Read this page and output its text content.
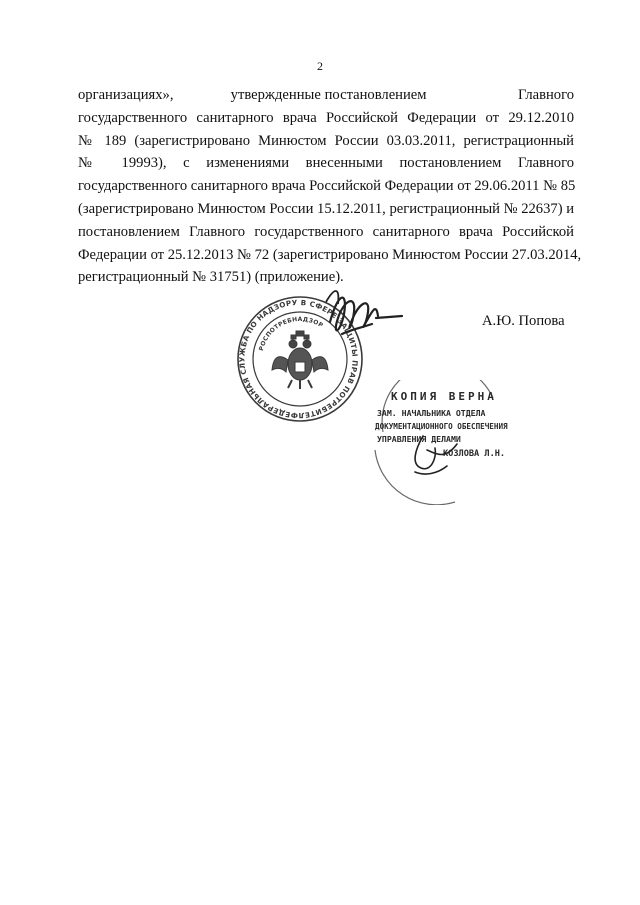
2
организациях»,               утвержденные постановлением                        Главного
государственного санитарного врача Российской Федерации от 29.12.2010
№ 189 (зарегистрировано Минюстом России 03.03.2011, регистрационный
№ 19993), с изменениями внесенными постановлением Главного
государственного санитарного врача Российской Федерации от 29.06.2011 № 85
(зарегистрировано Минюстом России 15.12.2011, регистрационный № 22637) и
постановлением Главного государственного санитарного врача Российской
Федерации от 25.12.2013 № 72 (зарегистрировано Минюстом России 27.03.2014,
регистрационный № 31751) (приложение).
ФЕДЕРАЛЬНАЯ СЛУЖБА ПО НАДЗОРУ В СФЕРЕ ЗАЩИТЫ ПРАВ ПОТРЕБИТЕЛ
РОСПОТРЕБНАДЗОР	А.Ю. Попова
КОПИЯ ВЕРНА
ЗАМ. НАЧАЛЬНИКА ОТДЕЛА
ДОКУМЕНТАЦИОННОГО ОБЕСПЕЧЕНИЯ
УПРАВЛЕНИЯ ДЕЛАМИ
КОЗЛОВА Л.Н.
